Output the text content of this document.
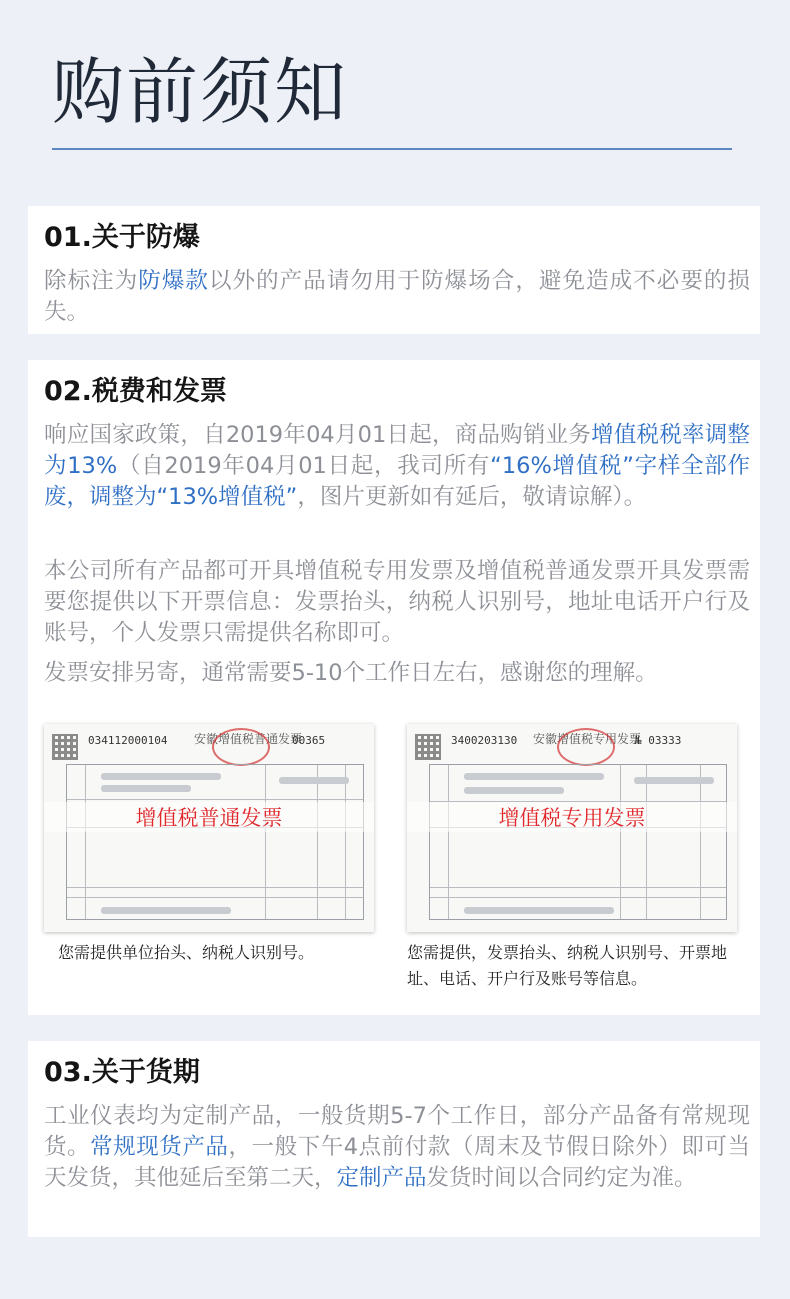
购前须知
01.关于防爆
除标注为防爆款以外的产品请勿用于防爆场合，避免造成不必要的损失。
02.税费和发票
响应国家政策，自2019年04月01日起，商品购销业务增值税税率调整为13%（自2019年04月01日起，我司所有“16%增值税”字样全部作废，调整为“13%增值税”，图片更新如有延后，敬请谅解）。
本公司所有产品都可开具增值税专用发票及增值税普通发票开具发票需要您提供以下开票信息：发票抬头，纳税人识别号，地址电话开户行及账号，个人发票只需提供名称即可。
发票安排另寄，通常需要5-10个工作日左右，感谢您的理解。
034112000104 安徽增值税普通发票
00365
增值税普通发票
您需提供单位抬头、纳税人识别号。
3400203130 安徽增值税专用发票
№ 03333
增值税专用发票
您需提供，发票抬头、纳税人识别号、开票地址、电话、开户行及账号等信息。
03.关于货期
工业仪表均为定制产品，一般货期5-7个工作日，部分产品备有常规现货。常规现货产品，一般下午4点前付款（周末及节假日除外）即可当天发货，其他延后至第二天，定制产品发货时间以合同约定为准。
